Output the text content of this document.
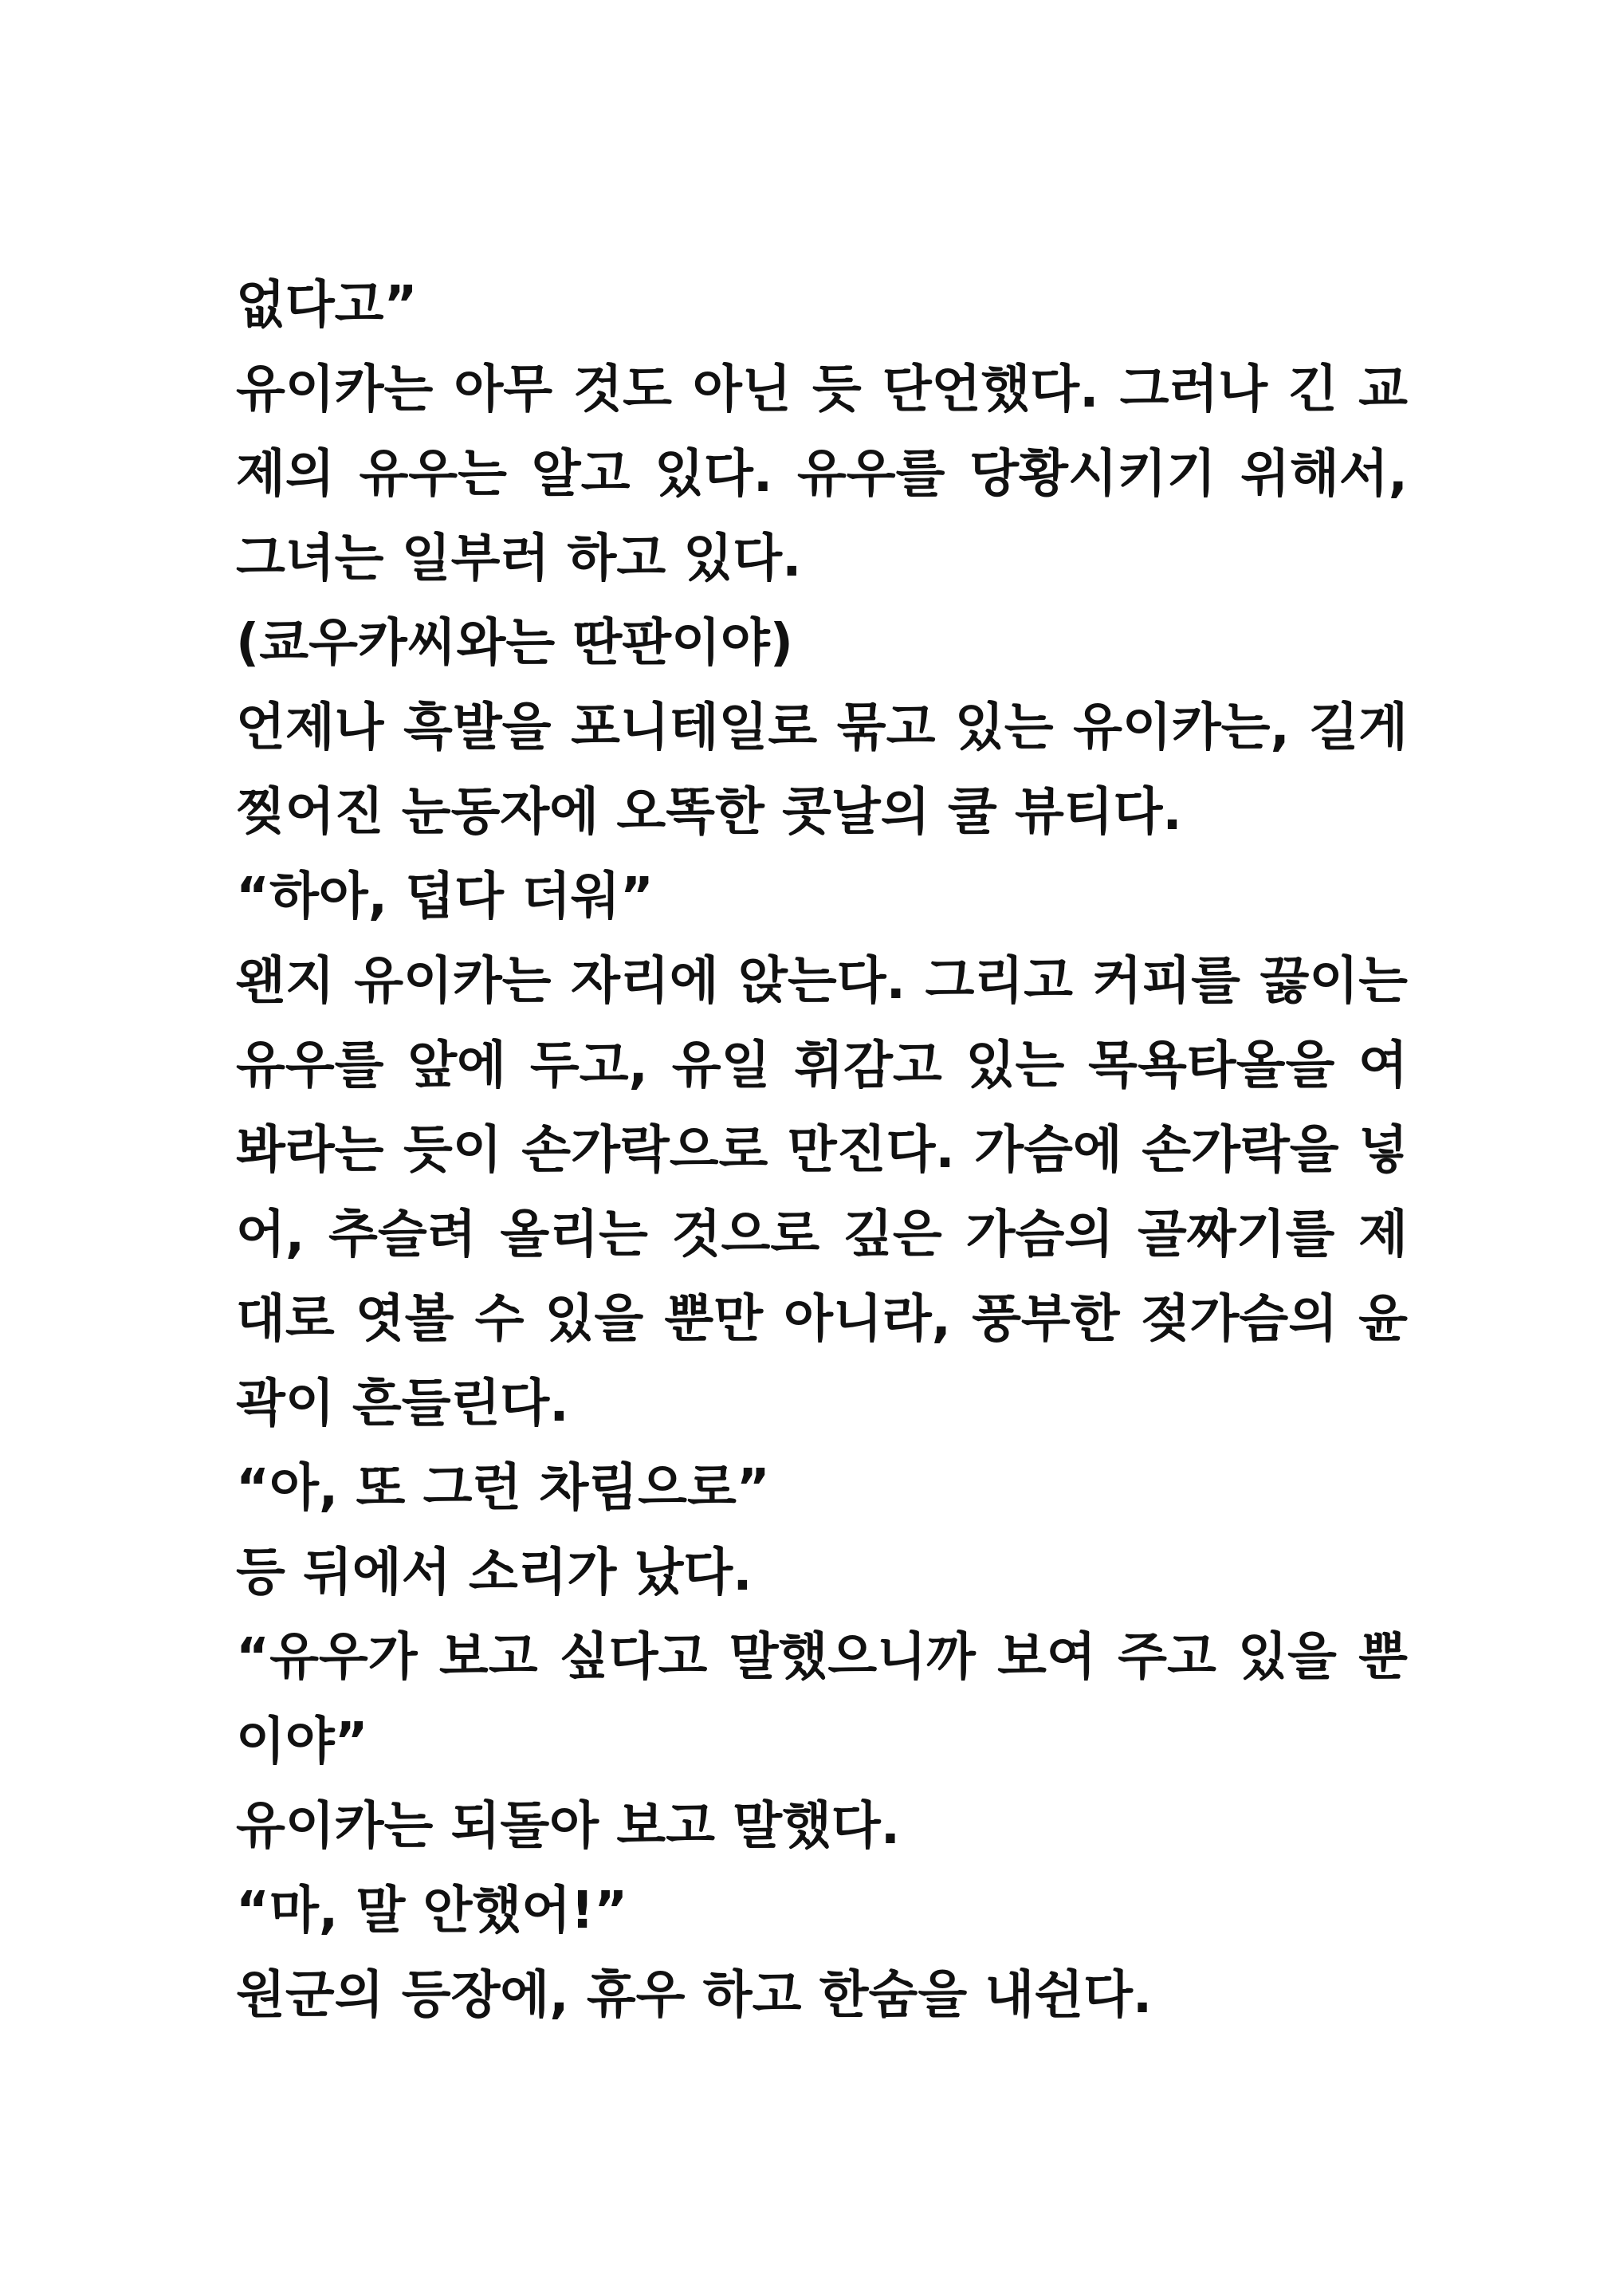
없다고”
유이카는 아무 것도 아닌 듯 단언했다. 그러나 긴 교
제의 유우는 알고 있다. 유우를 당황시키기 위해서,
그녀는 일부러 하고 있다.
(쿄우카씨와는 딴판이야)
언제나 흑발을 포니테일로 묶고 있는 유이카는, 길게
찢어진 눈동자에 오똑한 콧날의 쿨 뷰티다.
“하아, 덥다 더워”
왠지 유이카는 자리에 앉는다. 그리고 커피를 끓이는
유우를 앞에 두고, 유일 휘감고 있는 목욕타올을 여
봐라는 듯이 손가락으로 만진다. 가슴에 손가락을 넣
어, 추슬려 올리는 것으로 깊은 가슴의 골짜기를 제
대로 엿볼 수 있을 뿐만 아니라, 풍부한 젖가슴의 윤
곽이 흔들린다.
“아, 또 그런 차림으로”
등 뒤에서 소리가 났다.
“유우가 보고 싶다고 말했으니까 보여 주고 있을 뿐
이야”
유이카는 되돌아 보고 말했다.
“마, 말 안했어!”
원군의 등장에, 휴우 하고 한숨을 내쉰다.
